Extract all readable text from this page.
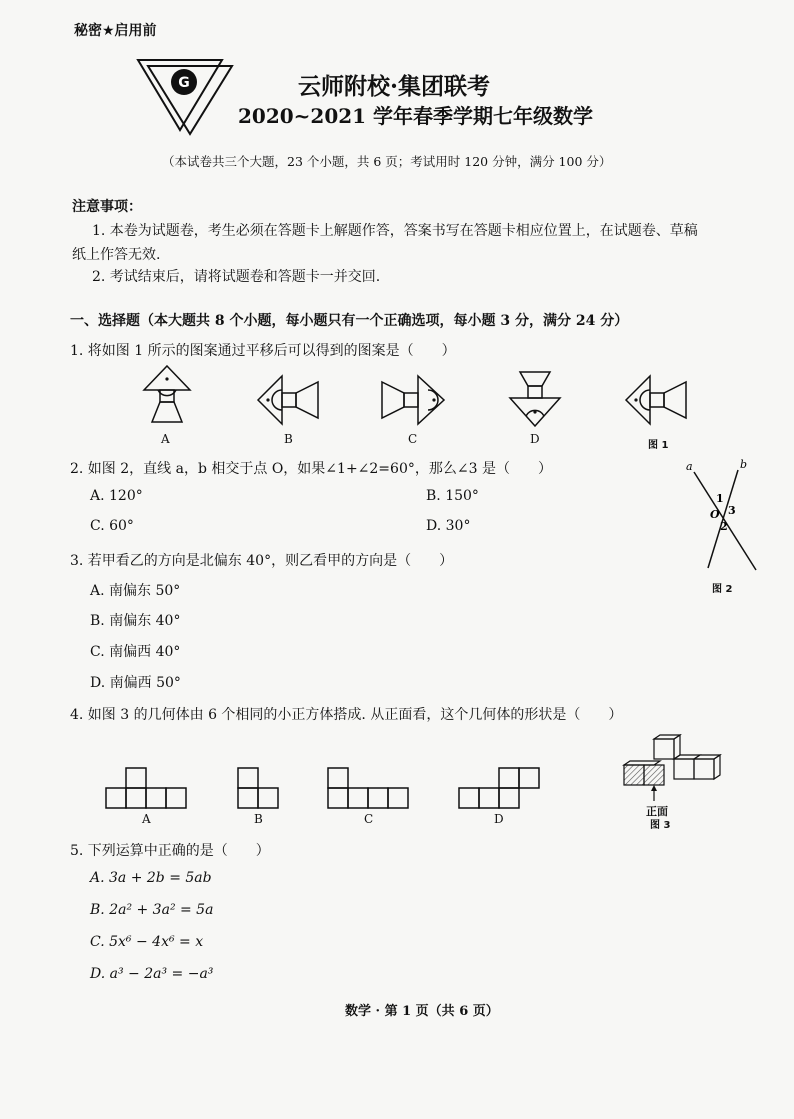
秘密★启用前
G	云师附校·集团联考
2020~2021 学年春季学期七年级数学
（本试卷共三个大题，23 个小题，共 6 页；考试用时 120 分钟，满分 100 分）
注意事项：
1. 本卷为试题卷，考生必须在答题卡上解题作答，答案书写在答题卡相应位置上，在试题卷、草稿
纸上作答无效.
2. 考试结束后，请将试题卷和答题卡一并交回.
一、选择题（本大题共 8 个小题，每小题只有一个正确选项，每小题 3 分，满分 24 分）
1. 将如图 1 所示的图案通过平移后可以得到的图案是（　　）
A	B	C	D	图 1
2. 如图 2，直线 a，b 相交于点 O，如果∠1+∠2=60°，那么∠3 是（　　）
A. 120°	B. 150°
C. 60°	D. 30°
a	b
1
O 3
2
图 2
3. 若甲看乙的方向是北偏东 40°，则乙看甲的方向是（　　）
A. 南偏东 50°
B. 南偏东 40°
C. 南偏西 40°
D. 南偏西 50°
4. 如图 3 的几何体由 6 个相同的小正方体搭成. 从正面看，这个几何体的形状是（　　）
A	B	C	D
正面
图 3
5. 下列运算中正确的是（　　）
A. 3a + 2b = 5ab
B. 2a² + 3a² = 5a
C. 5x⁶ − 4x⁶ = x
D. a³ − 2a³ = −a³
数学 · 第 1 页（共 6 页）
